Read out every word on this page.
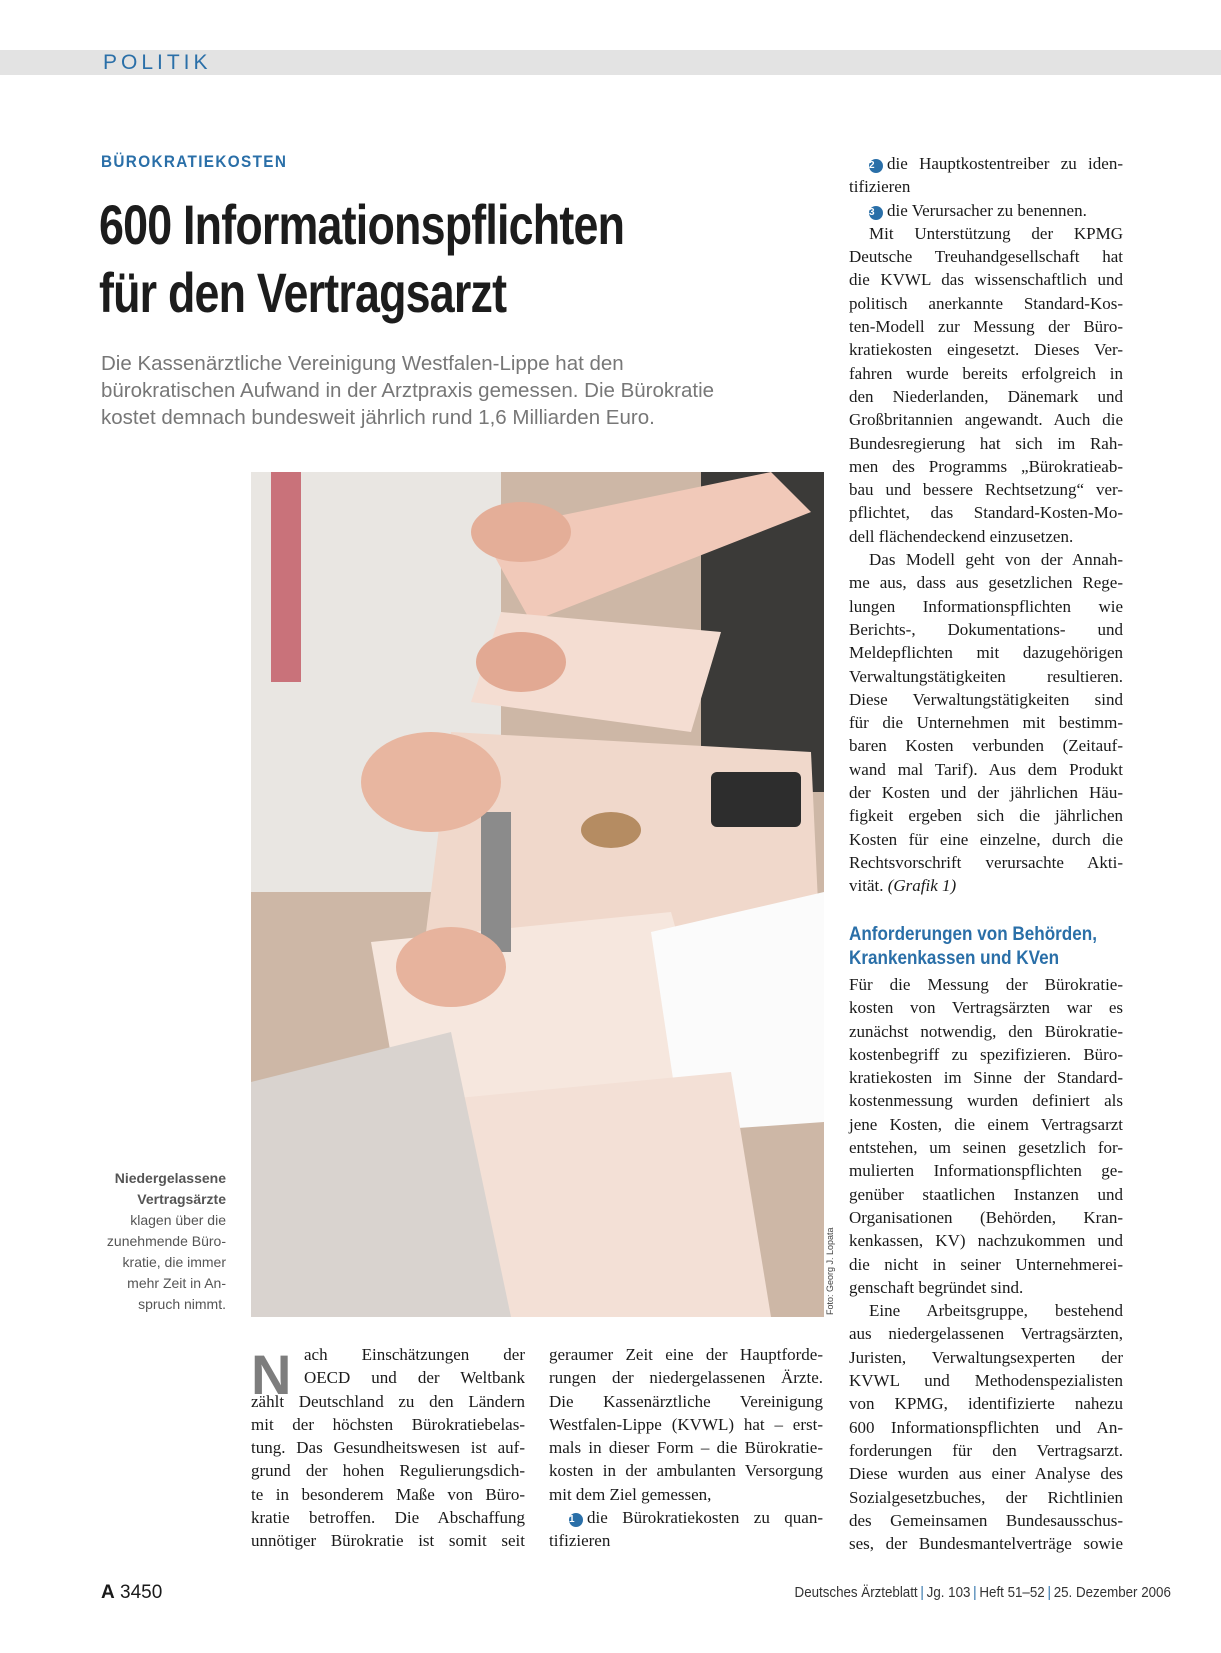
POLITIK
BÜROKRATIEKOSTEN
600 Informationspflichten
für den Vertragsarzt

Die Kassenärztliche Vereinigung Westfalen-Lippe hat den
bürokratischen Aufwand in der Arztpraxis gemessen. Die Bürokratie
kostet demnach bundesweit jährlich rund 1,6 Milliarden Euro.

Foto: Georg J. Lopata
Niedergelassene
Vertragsärzte
klagen über die
zunehmende Büro-
kratie, die immer
mehr Zeit in An-
spruch nimmt.
N ach Einschätzungen der
OECD und der Weltbank
zählt Deutschland zu den Ländern
mit der höchsten Bürokratiebelas-
tung. Das Gesundheitswesen ist auf-
grund der hohen Regulierungsdich-
te in besonderem Maße von Büro-
kratie betroffen. Die Abschaffung
unnötiger Bürokratie ist somit seit
geraumer Zeit eine der Hauptforde-
rungen der niedergelassenen Ärzte.
Die Kassenärztliche Vereinigung
Westfalen-Lippe (KVWL) hat – erst-
mals in dieser Form – die Bürokratie-
kosten in der ambulanten Versorgung
mit dem Ziel gemessen,
1 die Bürokratiekosten zu quan-
tifizieren
2 die Hauptkostentreiber zu iden-
tifizieren
3 die Verursacher zu benennen.
Mit Unterstützung der KPMG
Deutsche Treuhandgesellschaft hat
die KVWL das wissenschaftlich und
politisch anerkannte Standard-Kos-
ten-Modell zur Messung der Büro-
kratiekosten eingesetzt. Dieses Ver-
fahren wurde bereits erfolgreich in
den Niederlanden, Dänemark und
Großbritannien angewandt. Auch die
Bundesregierung hat sich im Rah-
men des Programms „Bürokratieab-
bau und bessere Rechtsetzung“ ver-
pflichtet, das Standard-Kosten-Mo-
dell flächendeckend einzusetzen.
Das Modell geht von der Annah-
me aus, dass aus gesetzlichen Rege-
lungen Informationspflichten wie
Berichts-, Dokumentations- und
Meldepflichten mit dazugehörigen
Verwaltungstätigkeiten resultieren.
Diese Verwaltungstätigkeiten sind
für die Unternehmen mit bestimm-
baren Kosten verbunden (Zeitauf-
wand mal Tarif). Aus dem Produkt
der Kosten und der jährlichen Häu-
figkeit ergeben sich die jährlichen
Kosten für eine einzelne, durch die
Rechtsvorschrift verursachte Akti-
vität. (Grafik 1)
Anforderungen von Behörden,
Krankenkassen und KVen
Für die Messung der Bürokratie-
kosten von Vertragsärzten war es
zunächst notwendig, den Bürokratie-
kostenbegriff zu spezifizieren. Büro-
kratiekosten im Sinne der Standard-
kostenmessung wurden definiert als
jene Kosten, die einem Vertragsarzt
entstehen, um seinen gesetzlich for-
mulierten Informationspflichten ge-
genüber staatlichen Instanzen und
Organisationen (Behörden, Kran-
kenkassen, KV) nachzukommen und
die nicht in seiner Unternehmerei-
genschaft begründet sind.
Eine Arbeitsgruppe, bestehend
aus niedergelassenen Vertragsärzten,
Juristen, Verwaltungsexperten der
KVWL und Methodenspezialisten
von KPMG, identifizierte nahezu
600 Informationspflichten und An-
forderungen für den Vertragsarzt.
Diese wurden aus einer Analyse des
Sozialgesetzbuches, der Richtlinien
des Gemeinsamen Bundesausschus-
ses, der Bundesmantelverträge sowie
A 3450	Deutsches Ärzteblatt | Jg. 103 | Heft 51–52 | 25. Dezember 2006
